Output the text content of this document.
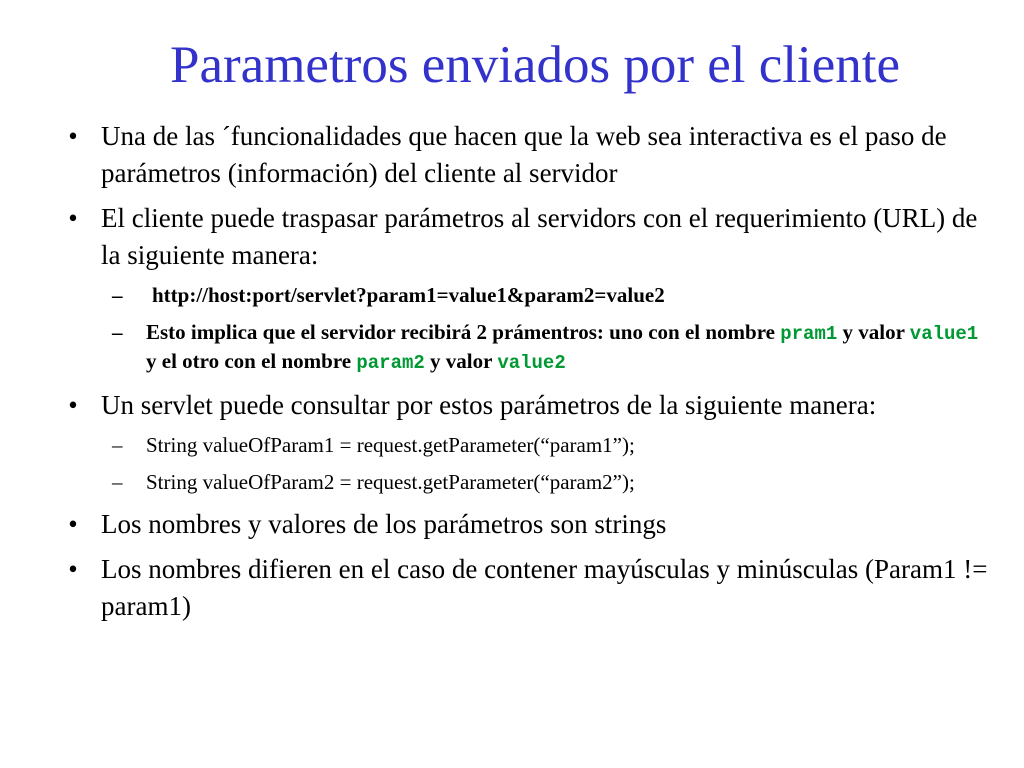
Parametros enviados por el cliente
• Una de las ´funcionalidades que hacen que la web sea interactiva es el paso de parámetros (información) del cliente al servidor
• El cliente puede traspasar parámetros al servidors con el requerimiento (URL) de la siguiente manera:
– http://host:port/servlet?param1=value1&param2=value2
– Esto implica que el servidor recibirá 2 prámentros: uno con el nombre pram1 y valor value1 y el otro con el nombre param2 y valor value2
• Un servlet puede consultar por estos parámetros de la siguiente manera:
– String valueOfParam1 = request.getParameter(“param1”);
– String valueOfParam2 = request.getParameter(“param2”);
• Los nombres y valores de los parámetros son strings
• Los nombres difieren en el caso de contener mayúsculas y minúsculas (Param1 != param1)
